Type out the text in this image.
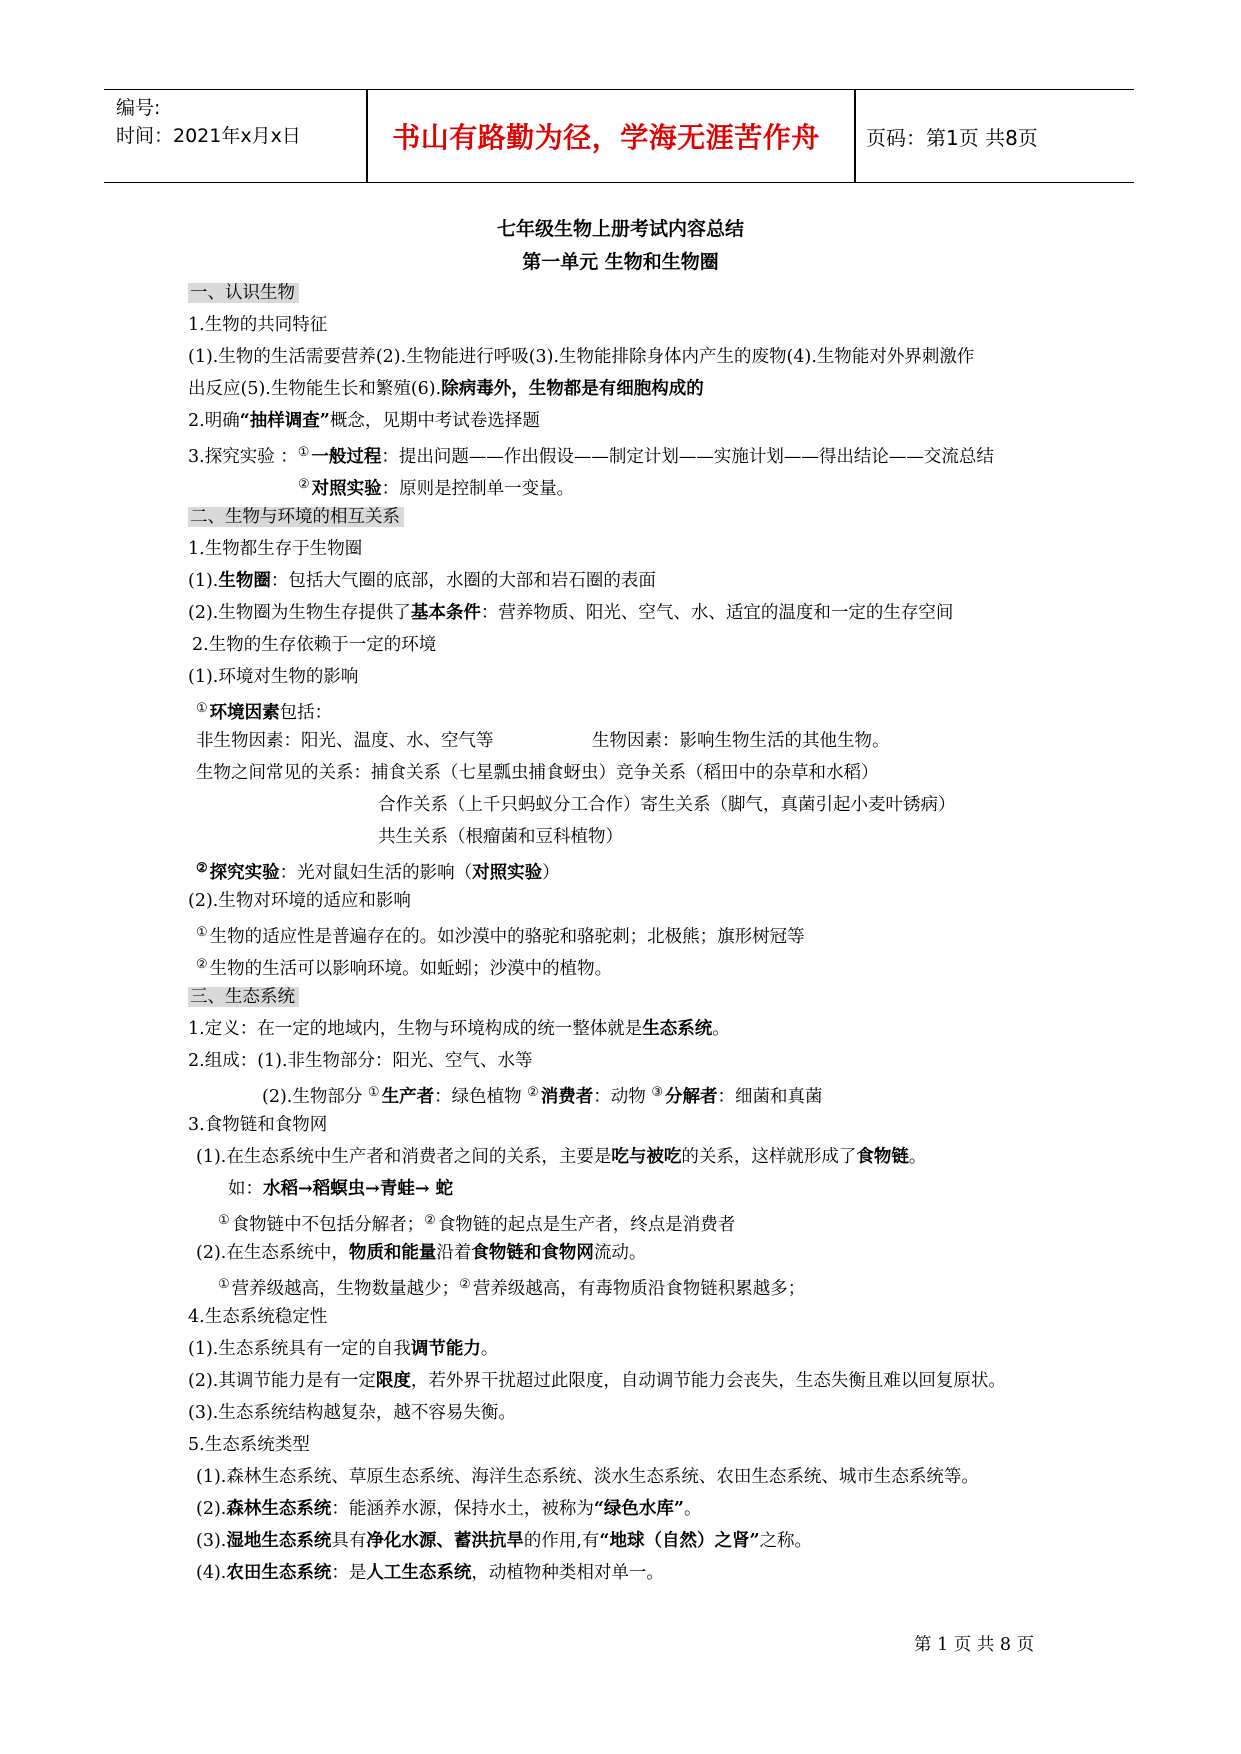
编号:
时间：2021年x月x日	书山有路勤为径，学海无涯苦作舟	页码：第1页 共8页
七年级生物上册考试内容总结
第一单元 生物和生物圈
一、认识生物
1.生物的共同特征
(1).生物的生活需要营养(2).生物能进行呼吸(3).生物能排除身体内产生的废物(4).生物能对外界刺激作
出反应(5).生物能生长和繁殖(6).除病毒外，生物都是有细胞构成的
2.明确“抽样调查”概念，见期中考试卷选择题
3.探究实验 ：① 一般过程：提出问题——作出假设——制定计划——实施计划——得出结论——交流总结
② 对照实验：原则是控制单一变量。
二、生物与环境的相互关系
1.生物都生存于生物圈
(1).生物圈：包括大气圈的底部，水圈的大部和岩石圈的表面
(2).生物圈为生物生存提供了基本条件：营养物质、阳光、空气、水、适宜的温度和一定的生存空间
2.生物的生存依赖于一定的环境
(1).环境对生物的影响
① 环境因素包括：
非生物因素：阳光、温度、水、空气等	生物因素：影响生物生活的其他生物。
生物之间常见的关系：捕食关系（七星瓢虫捕食蚜虫）竞争关系（稻田中的杂草和水稻）
合作关系（上千只蚂蚁分工合作）寄生关系（脚气，真菌引起小麦叶锈病）
共生关系（根瘤菌和豆科植物）
② 探究实验：光对鼠妇生活的影响（对照实验）
(2).生物对环境的适应和影响
① 生物的适应性是普遍存在的。如沙漠中的骆驼和骆驼刺；北极熊；旗形树冠等
② 生物的生活可以影响环境。如蚯蚓；沙漠中的植物。
三、生态系统
1.定义：在一定的地域内，生物与环境构成的统一整体就是生态系统。
2.组成：(1).非生物部分：阳光、空气、水等
(2).生物部分 ① 生产者：绿色植物 ② 消费者：动物 ③ 分解者：细菌和真菌
3.食物链和食物网
(1).在生态系统中生产者和消费者之间的关系，主要是吃与被吃的关系，这样就形成了食物链。
如：水稻→稻螟虫→青蛙→ 蛇
① 食物链中不包括分解者；② 食物链的起点是生产者，终点是消费者
(2).在生态系统中，物质和能量沿着食物链和食物网流动。
① 营养级越高，生物数量越少；② 营养级越高，有毒物质沿食物链积累越多；
4.生态系统稳定性
(1).生态系统具有一定的自我调节能力。
(2).其调节能力是有一定限度，若外界干扰超过此限度，自动调节能力会丧失，生态失衡且难以回复原状。
(3).生态系统结构越复杂，越不容易失衡。
5.生态系统类型
(1).森林生态系统、草原生态系统、海洋生态系统、淡水生态系统、农田生态系统、城市生态系统等。
(2).森林生态系统：能涵养水源，保持水土，被称为“绿色水库”。
(3).湿地生态系统具有净化水源、蓄洪抗旱的作用,有“地球（自然）之肾”之称。
(4).农田生态系统：是人工生态系统，动植物种类相对单一。
第 1 页 共 8 页
